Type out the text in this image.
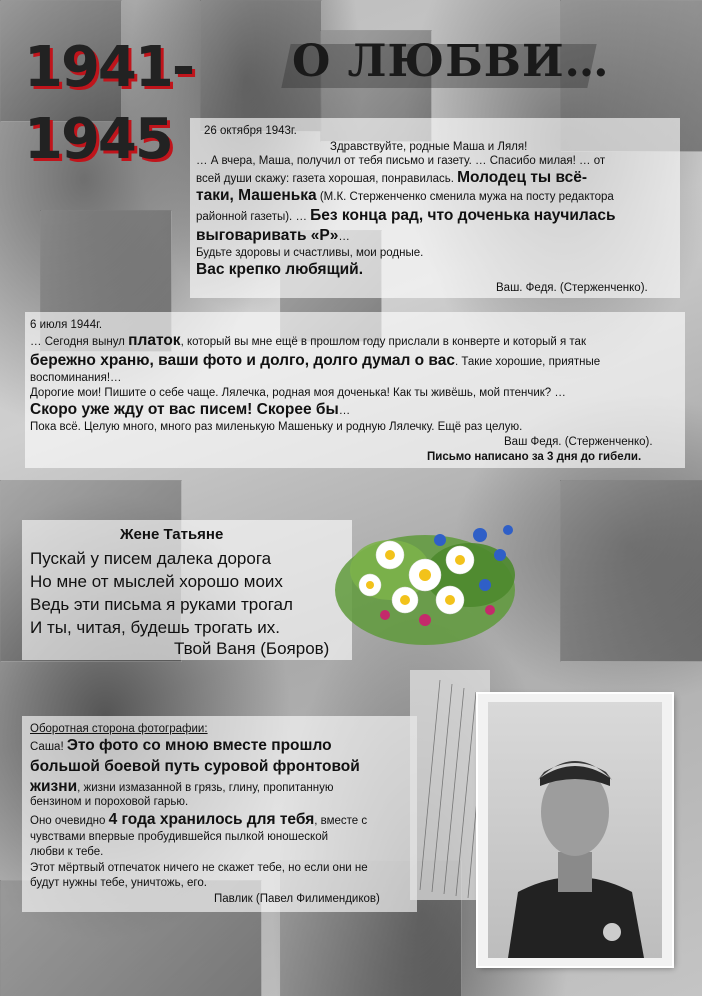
1941-
1945
О ЛЮБВИ…
26 октября 1943г.
Здравствуйте, родные Маша и Ляля!
… А вчера, Маша, получил от тебя письмо и газету. … Спасибо милая! … от
всей души скажу: газета хорошая, понравилась. Молодец ты всё-
таки, Машенька (М.К. Стерженченко сменила мужа на посту редактора
районной газеты). … Без конца рад, что доченька научилась
выговаривать «Р»…
Будьте здоровы и счастливы, мои родные.
Вас крепко любящий.
Ваш. Федя. (Стерженченко).
6 июля 1944г.
… Сегодня вынул платок, который вы мне ещё в прошлом году прислали в конверте и который я так
бережно храню, ваши фото и долго, долго думал о вас. Такие хорошие, приятные
воспоминания!…
Дорогие мои! Пишите о себе чаще. Лялечка, родная моя доченька! Как ты живёшь, мой птенчик? …
Скоро уже жду от вас писем! Скорее бы…
Пока всё. Целую много, много раз миленькую Машеньку и родную Лялечку. Ещё раз целую.
Ваш Федя. (Стерженченко).
Письмо написано за 3 дня до гибели.
Жене Татьяне
Пускай у писем далека дорога
Но мне от мыслей хорошо моих
Ведь эти письма я руками трогал
И ты, читая, будешь трогать их.
Твой Ваня (Бояров)
Оборотная сторона фотографии:
Саша! Это фото со мною вместе прошло
большой боевой путь суровой фронтовой
жизни, жизни измазанной в грязь, глину, пропитанную
бензином и пороховой гарью.
Оно очевидно 4 года хранилось для тебя, вместе с
чувствами впервые пробудившейся пылкой юношеской
любви к тебе.
Этот мёртвый отпечаток ничего не скажет тебе, но если они не
будут нужны тебе, уничтожь, его.
Павлик (Павел Филимендиков)
